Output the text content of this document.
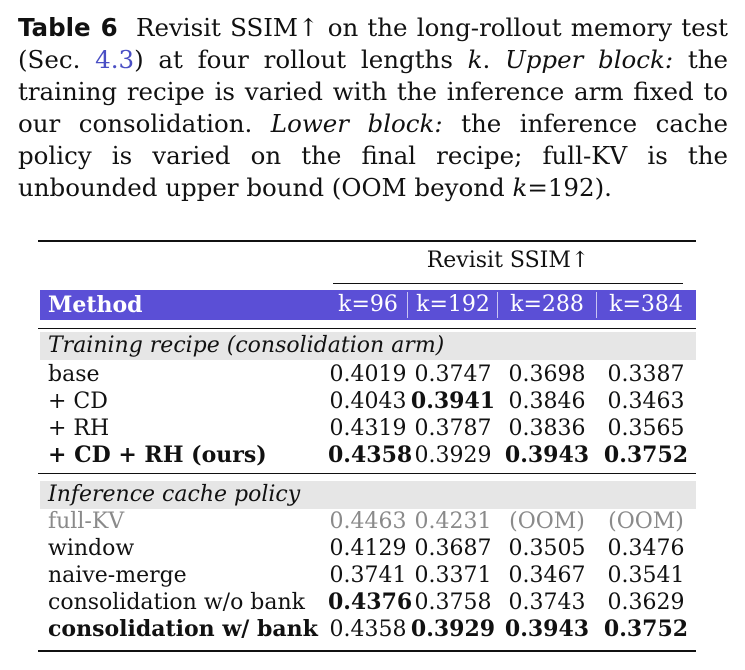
Table 6 Revisit SSIM↑ on the long-rollout memory test (Sec. 4.3) at four rollout lengths k. Upper block: the training recipe is varied with the inference arm fixed to our consolidation. Lower block: the inference cache policy is varied on the final recipe; full-KV is the unbounded upper bound (OOM beyond k=192).
Revisit SSIM↑
Method	k=96 k=192 k=288	k=384
Training recipe (consolidation arm)
base	0.4019 0.3747 0.3698	0.3387
+ CD	0.4043 0.3941 0.3846	0.3463
+ RH	0.4319 0.3787 0.3836	0.3565
+ CD + RH (ours)	0.4358 0.3929 0.3943 0.3752
Inference cache policy
full-KV	0.4463 0.4231 (OOM)	(OOM)
window	0.4129 0.3687 0.3505	0.3476
naive-merge	0.3741 0.3371 0.3467	0.3541
consolidation w/o bank 0.4376 0.3758 0.3743	0.3629
consolidation w/ bank 0.4358 0.3929 0.3943 0.3752
